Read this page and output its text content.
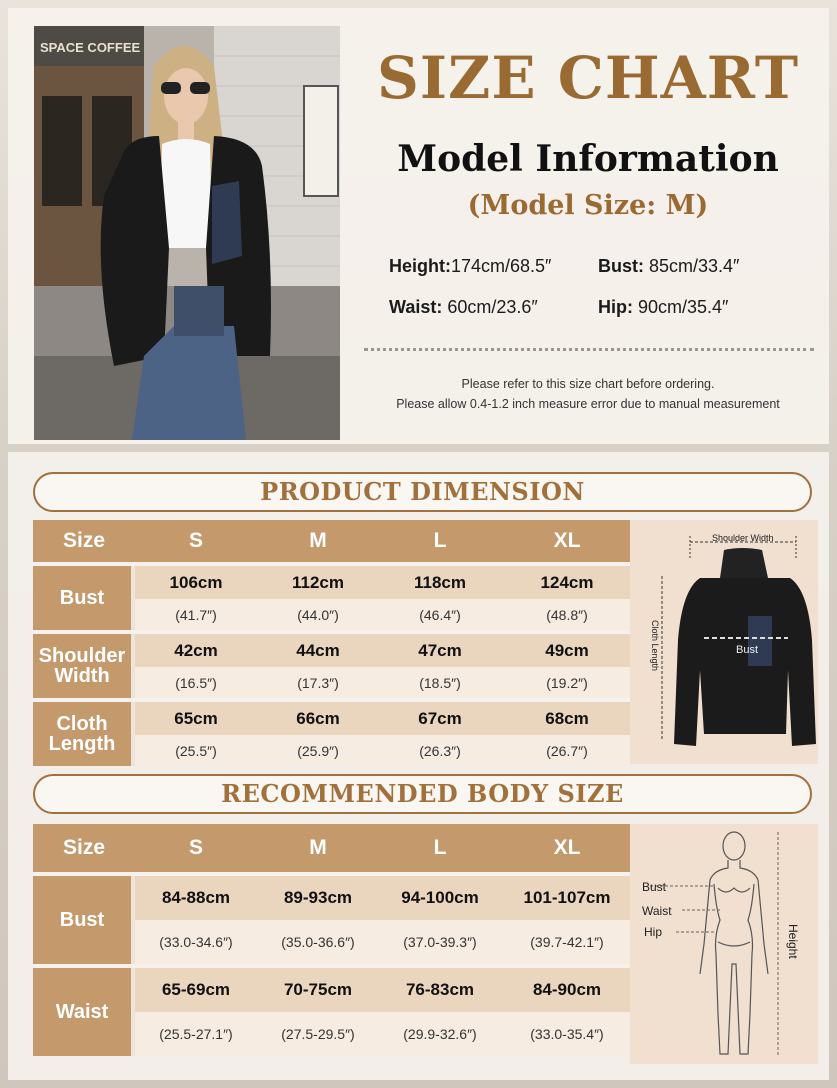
SPACE COFFEE	SIZE CHART
Model Information
(Model Size: M)
Height:174cm/68.5″	Bust: 85cm/33.4″
Waist: 60cm/23.6″	Hip: 90cm/35.4″
Please refer to this size chart before ordering.
Please allow 0.4-1.2 inch measure error due to manual measurement
PRODUCT DIMENSION
Size	S	M	L	XL

Bust	106cm	112cm	118cm	124cm
	(41.7″)	(44.0″)	(46.4″)	(48.8″)

Shoulder
Width	42cm	44cm	47cm	49cm
	(16.5″)	(17.3″)	(18.5″)	(19.2″)

Cloth
Length	65cm	66cm	67cm	68cm
	(25.5″)	(25.9″)	(26.3″)	(26.7″)
Shoulder Width
Cloth Length	Bust
RECOMMENDED BODY SIZE
Size	S	M	L	XL

Bust	84-88cm	89-93cm	94-100cm	101-107cm
	(33.0-34.6″)	(35.0-36.6″)	(37.0-39.3″)	(39.7-42.1″)

Waist	65-69cm	70-75cm	76-83cm	84-90cm
	(25.5-27.1″)	(27.5-29.5″)	(29.9-32.6″)	(33.0-35.4″)
Bust
Waist
Hip	Height
